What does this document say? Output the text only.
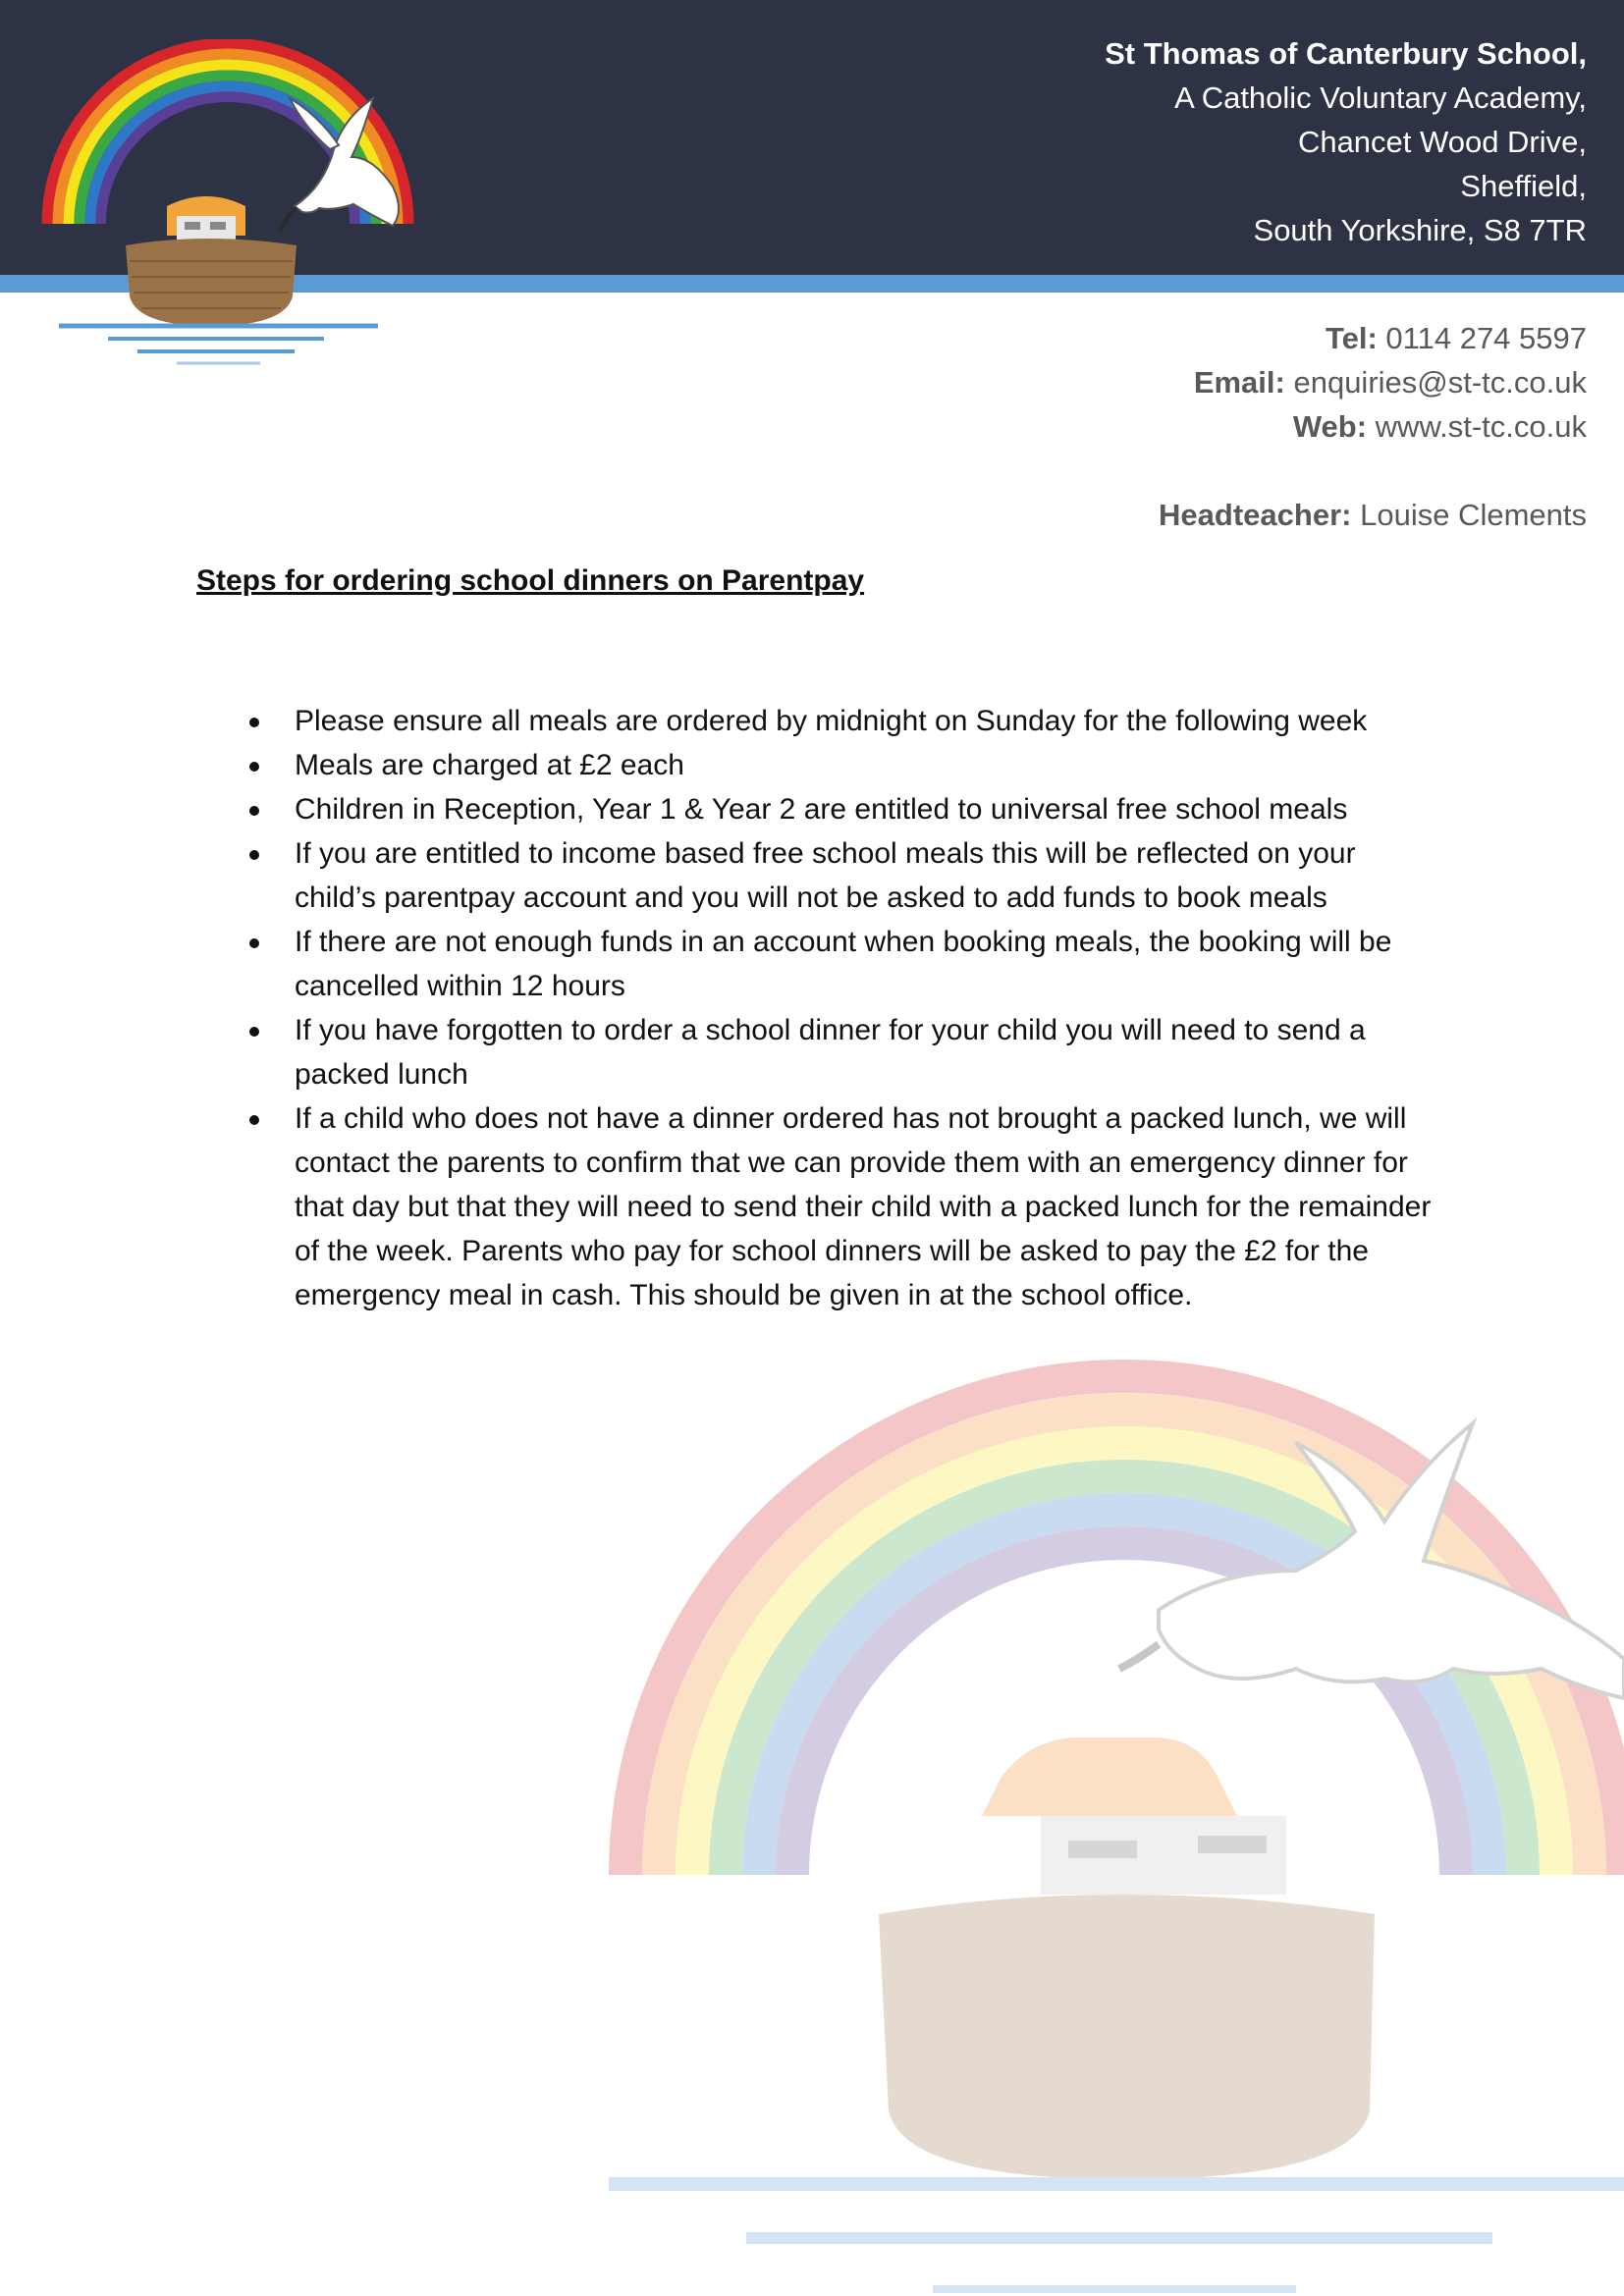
St Thomas of Canterbury School,
A Catholic Voluntary Academy,
Chancet Wood Drive,
Sheffield,
South Yorkshire, S8 7TR
Tel: 0114 274 5597
Email: enquiries@st-tc.co.uk
Web: www.st-tc.co.uk
Headteacher: Louise Clements
Steps for ordering school dinners on Parentpay
Please ensure all meals are ordered by midnight on Sunday for the following week
Meals are charged at £2 each
Children in Reception, Year 1 & Year 2 are entitled to universal free school meals
If you are entitled to income based free school meals this will be reflected on your child’s parentpay account and you will not be asked to add funds to book meals
If there are not enough funds in an account when booking meals, the booking will be cancelled within 12 hours
If you have forgotten to order a school dinner for your child you will need to send a packed lunch
If a child who does not have a dinner ordered has not brought a packed lunch, we will contact the parents to confirm that we can provide them with an emergency dinner for that day but that they will need to send their child with a packed lunch for the remainder of the week. Parents who pay for school dinners will be asked to pay the £2 for the emergency meal in cash. This should be given in at the school office.
